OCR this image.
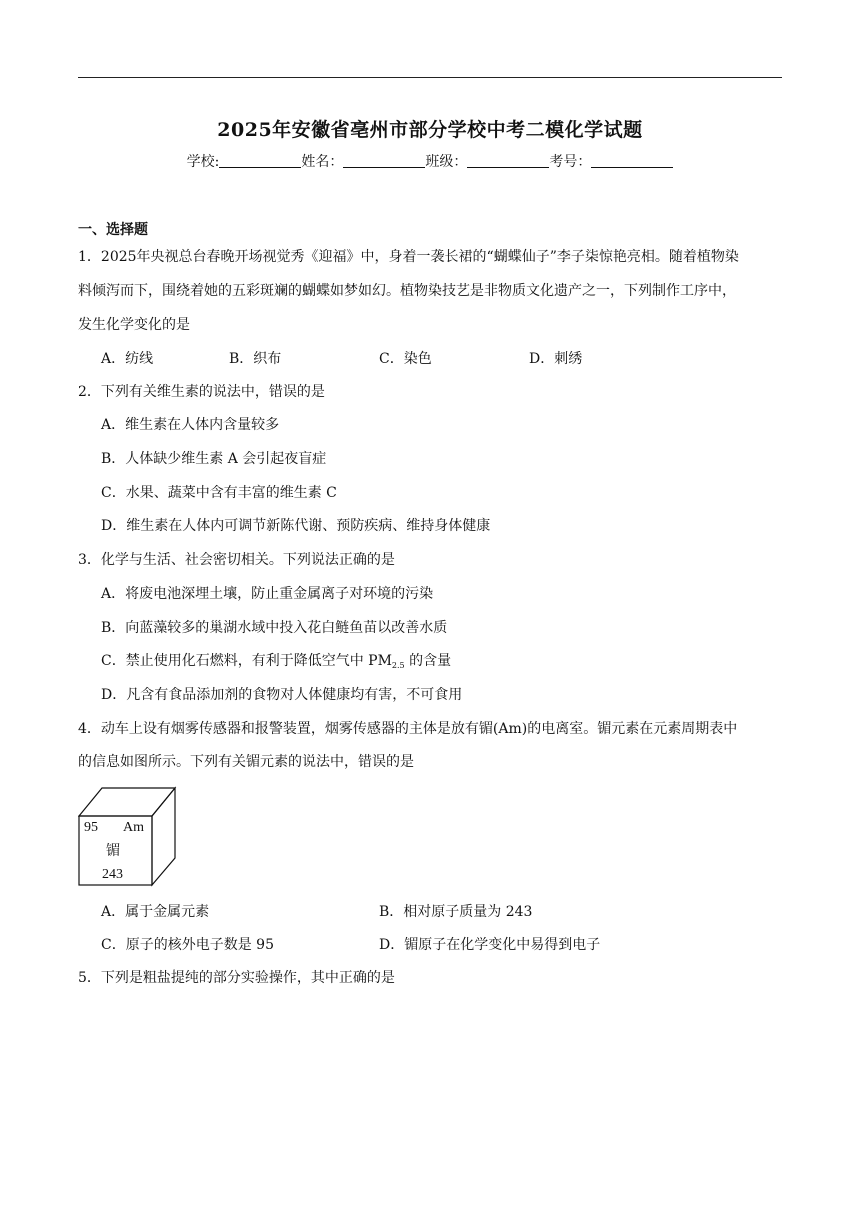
2025年安徽省亳州市部分学校中考二模化学试题
学校:	姓名：	班级：	考号：
一、选择题
1．2025年央视总台春晚开场视觉秀《迎福》中，身着一袭长裙的“蝴蝶仙子”李子柒惊艳亮相。随着植物染
料倾泻而下，围绕着她的五彩斑斓的蝴蝶如梦如幻。植物染技艺是非物质文化遗产之一，下列制作工序中，
发生化学变化的是
A．纺线	B．织布	C．染色	D．刺绣
2．下列有关维生素的说法中，错误的是
A．维生素在人体内含量较多
B．人体缺少维生素 A 会引起夜盲症
C．水果、蔬菜中含有丰富的维生素 C
D．维生素在人体内可调节新陈代谢、预防疾病、维持身体健康
3．化学与生活、社会密切相关。下列说法正确的是
A．将废电池深埋土壤，防止重金属离子对环境的污染
B．向蓝藻较多的巢湖水域中投入花白鲢鱼苗以改善水质
C．禁止使用化石燃料，有利于降低空气中 $PM_{2.5}$ 的含量
D．凡含有食品添加剂的食物对人体健康均有害，不可食用
4．动车上设有烟雾传感器和报警装置，烟雾传感器的主体是放有镅(Am)的电离室。镅元素在元素周期表中
的信息如图所示。下列有关镅元素的说法中，错误的是
95 Am
镅
243
A．属于金属元素	B．相对原子质量为 243
C．原子的核外电子数是 95	D．镅原子在化学变化中易得到电子
5．下列是粗盐提纯的部分实验操作，其中正确的是
